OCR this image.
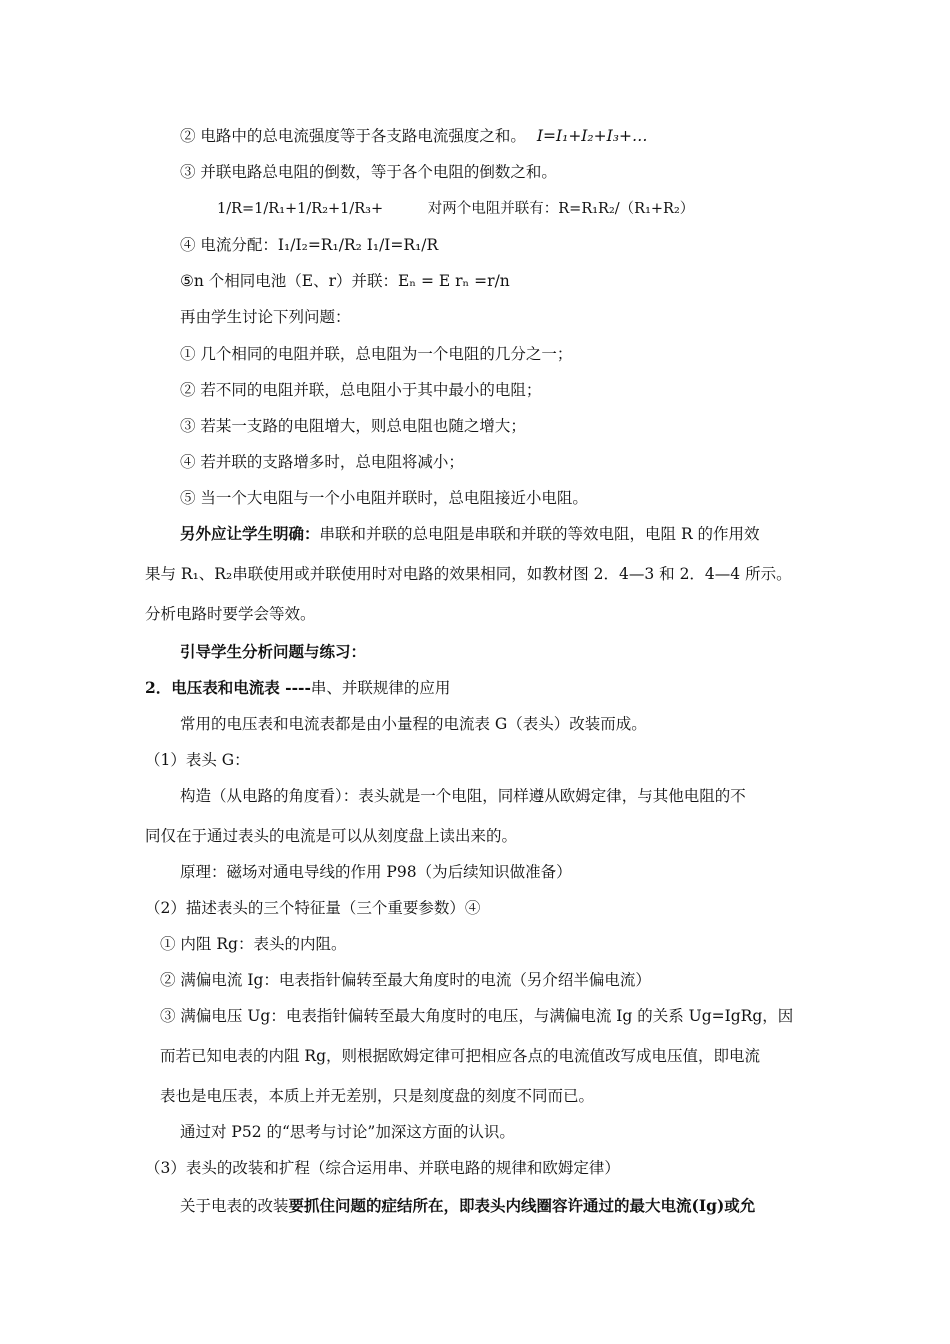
② 电路中的总电流强度等于各支路电流强度之和。 I=I₁+I₂+I₃+…
③ 并联电路总电阻的倒数，等于各个电阻的倒数之和。
1/R=1/R₁+1/R₂+1/R₃+	对两个电阻并联有：R=R₁R₂/（R₁+R₂）
④ 电流分配：I₁/I₂=R₁/R₂ I₁/I=R₁/R
⑤n 个相同电池（E、r）并联：Eₙ = E rₙ =r/n
再由学生讨论下列问题：
① 几个相同的电阻并联，总电阻为一个电阻的几分之一；
② 若不同的电阻并联，总电阻小于其中最小的电阻；
③ 若某一支路的电阻增大，则总电阻也随之增大；
④ 若并联的支路增多时，总电阻将减小；
⑤ 当一个大电阻与一个小电阻并联时，总电阻接近小电阻。
另外应让学生明确：串联和并联的总电阻是串联和并联的等效电阻，电阻 R 的作用效
果与 R₁、R₂串联使用或并联使用时对电路的效果相同，如教材图 2．4—3 和 2．4—4 所示。
分析电路时要学会等效。
引导学生分析问题与练习：
2．电压表和电流表 ----串、并联规律的应用
常用的电压表和电流表都是由小量程的电流表 G（表头）改装而成。
（1）表头 G：
构造（从电路的角度看）：表头就是一个电阻，同样遵从欧姆定律，与其他电阻的不
同仅在于通过表头的电流是可以从刻度盘上读出来的。
原理：磁场对通电导线的作用 P98（为后续知识做准备）
（2）描述表头的三个特征量（三个重要参数）④
① 内阻 Rg：表头的内阻。
② 满偏电流 Ig：电表指针偏转至最大角度时的电流（另介绍半偏电流）
③ 满偏电压 Ug：电表指针偏转至最大角度时的电压，与满偏电流 Ig 的关系 Ug=IgRg，因
而若已知电表的内阻 Rg，则根据欧姆定律可把相应各点的电流值改写成电压值，即电流
表也是电压表，本质上并无差别，只是刻度盘的刻度不同而已。
通过对 P52 的“思考与讨论”加深这方面的认识。
（3）表头的改装和扩程（综合运用串、并联电路的规律和欧姆定律）
关于电表的改装要抓住问题的症结所在，即表头内线圈容许通过的最大电流(Ig)或允
